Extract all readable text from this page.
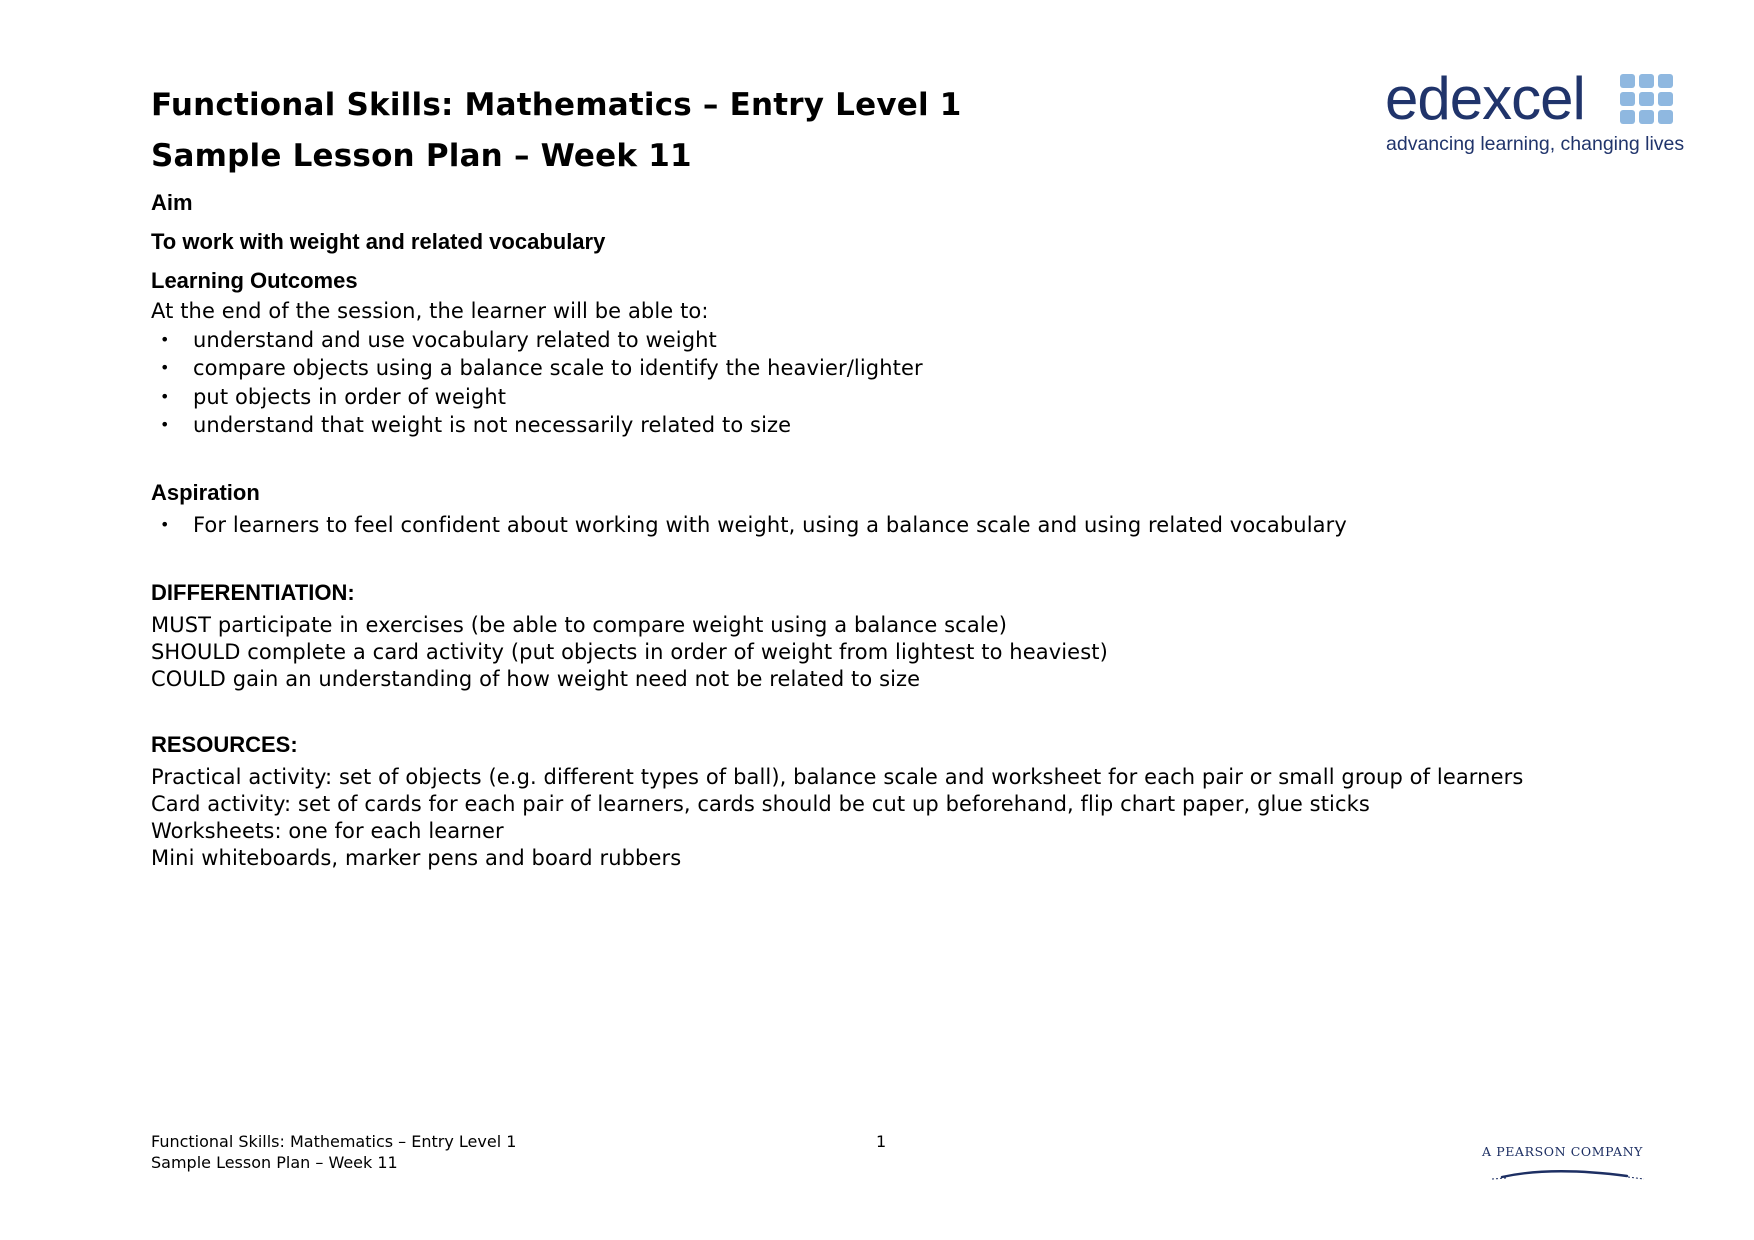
Functional Skills: Mathematics – Entry Level 1
Sample Lesson Plan – Week 11
edexcel
advancing learning, changing lives
Aim

To work with weight and related vocabulary

Learning Outcomes

At the end of the session, the learner will be able to:

• understand and use vocabulary related to weight
• compare objects using a balance scale to identify the heavier/lighter
• put objects in order of weight
• understand that weight is not necessarily related to size
Aspiration
• For learners to feel confident about working with weight, using a balance scale and using related vocabulary
DIFFERENTIATION:

MUST participate in exercises (be able to compare weight using a balance scale)

SHOULD complete a card activity (put objects in order of weight from lightest to heaviest)

COULD gain an understanding of how weight need not be related to size

RESOURCES:

Practical activity: set of objects (e.g. different types of ball), balance scale and worksheet for each pair or small group of learners

Card activity: set of cards for each pair of learners, cards should be cut up beforehand, flip chart paper, glue sticks

Worksheets: one for each learner

Mini whiteboards, marker pens and board rubbers

Functional Skills: Mathematics – Entry Level 1
Sample Lesson Plan – Week 11
1
A PEARSON COMPANY
